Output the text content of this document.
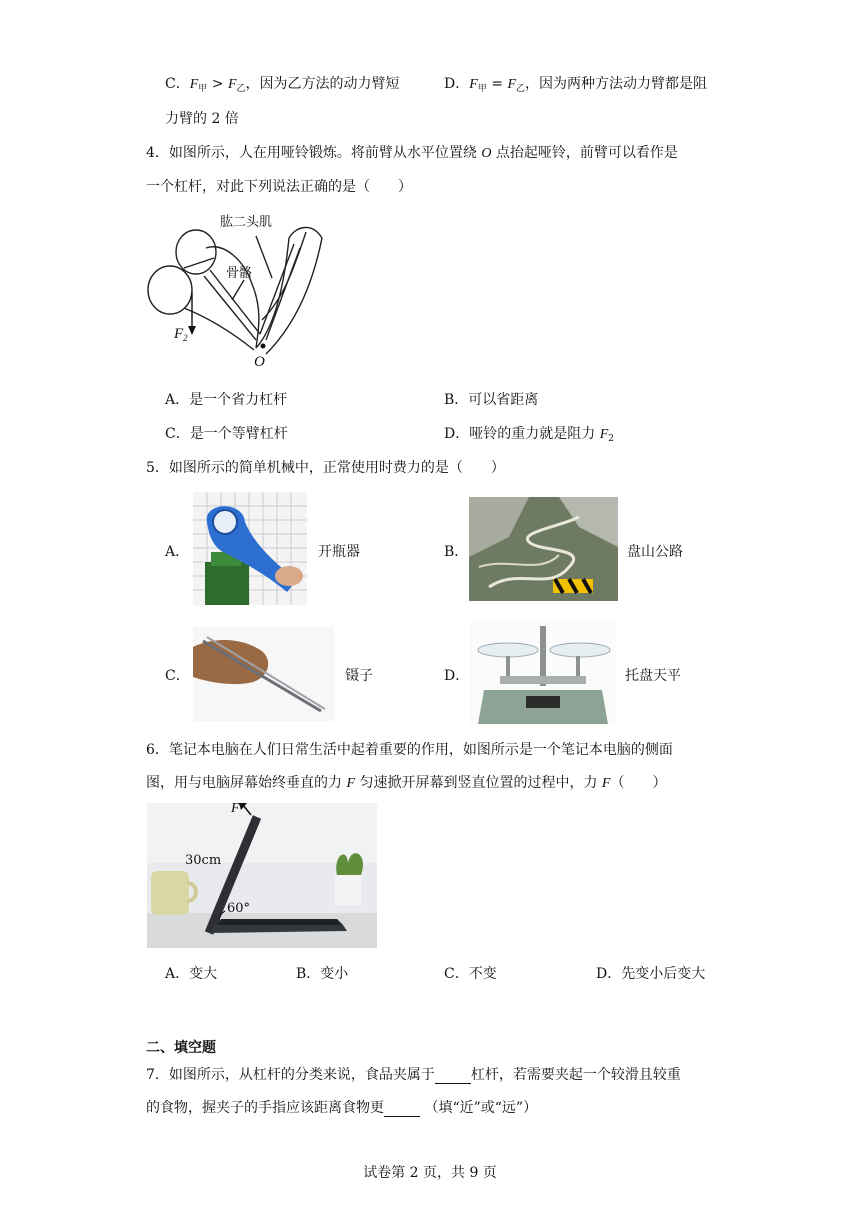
C．$F_甲 > F_乙$，因为乙方法的动力臂短	D．$F_甲 = F_乙$，因为两种方法动力臂都是阻
力臂的 2 倍
4．如图所示，人在用哑铃锻炼。将前臂从水平位置绕 O 点抬起哑铃，前臂可以看作是
一个杠杆，对此下列说法正确的是（　　）
肱二头肌
骨骼
$F_2$
O
A．是一个省力杠杆	B．可以省距离
C．是一个等臂杠杆	D．哑铃的重力就是阻力 $F_2$
5．如图所示的简单机械中，正常使用时费力的是（　　）
A．	开瓶器	B．	盘山公路
C．	镊子	D．	托盘天平
6．笔记本电脑在人们日常生活中起着重要的作用，如图所示是一个笔记本电脑的侧面
图，用与电脑屏幕始终垂直的力 F 匀速掀开屏幕到竖直位置的过程中，力 F（　　）
F
30cm
60°
A．变大	B．变小	C．不变	D．先变小后变大
二、填空题
7．如图所示，从杠杆的分类来说，食品夹属于	杠杆，若需要夹起一个较滑且较重
的食物，握夹子的手指应该距离食物更	（填“近”或“远”）
试卷第 2 页，共 9 页
